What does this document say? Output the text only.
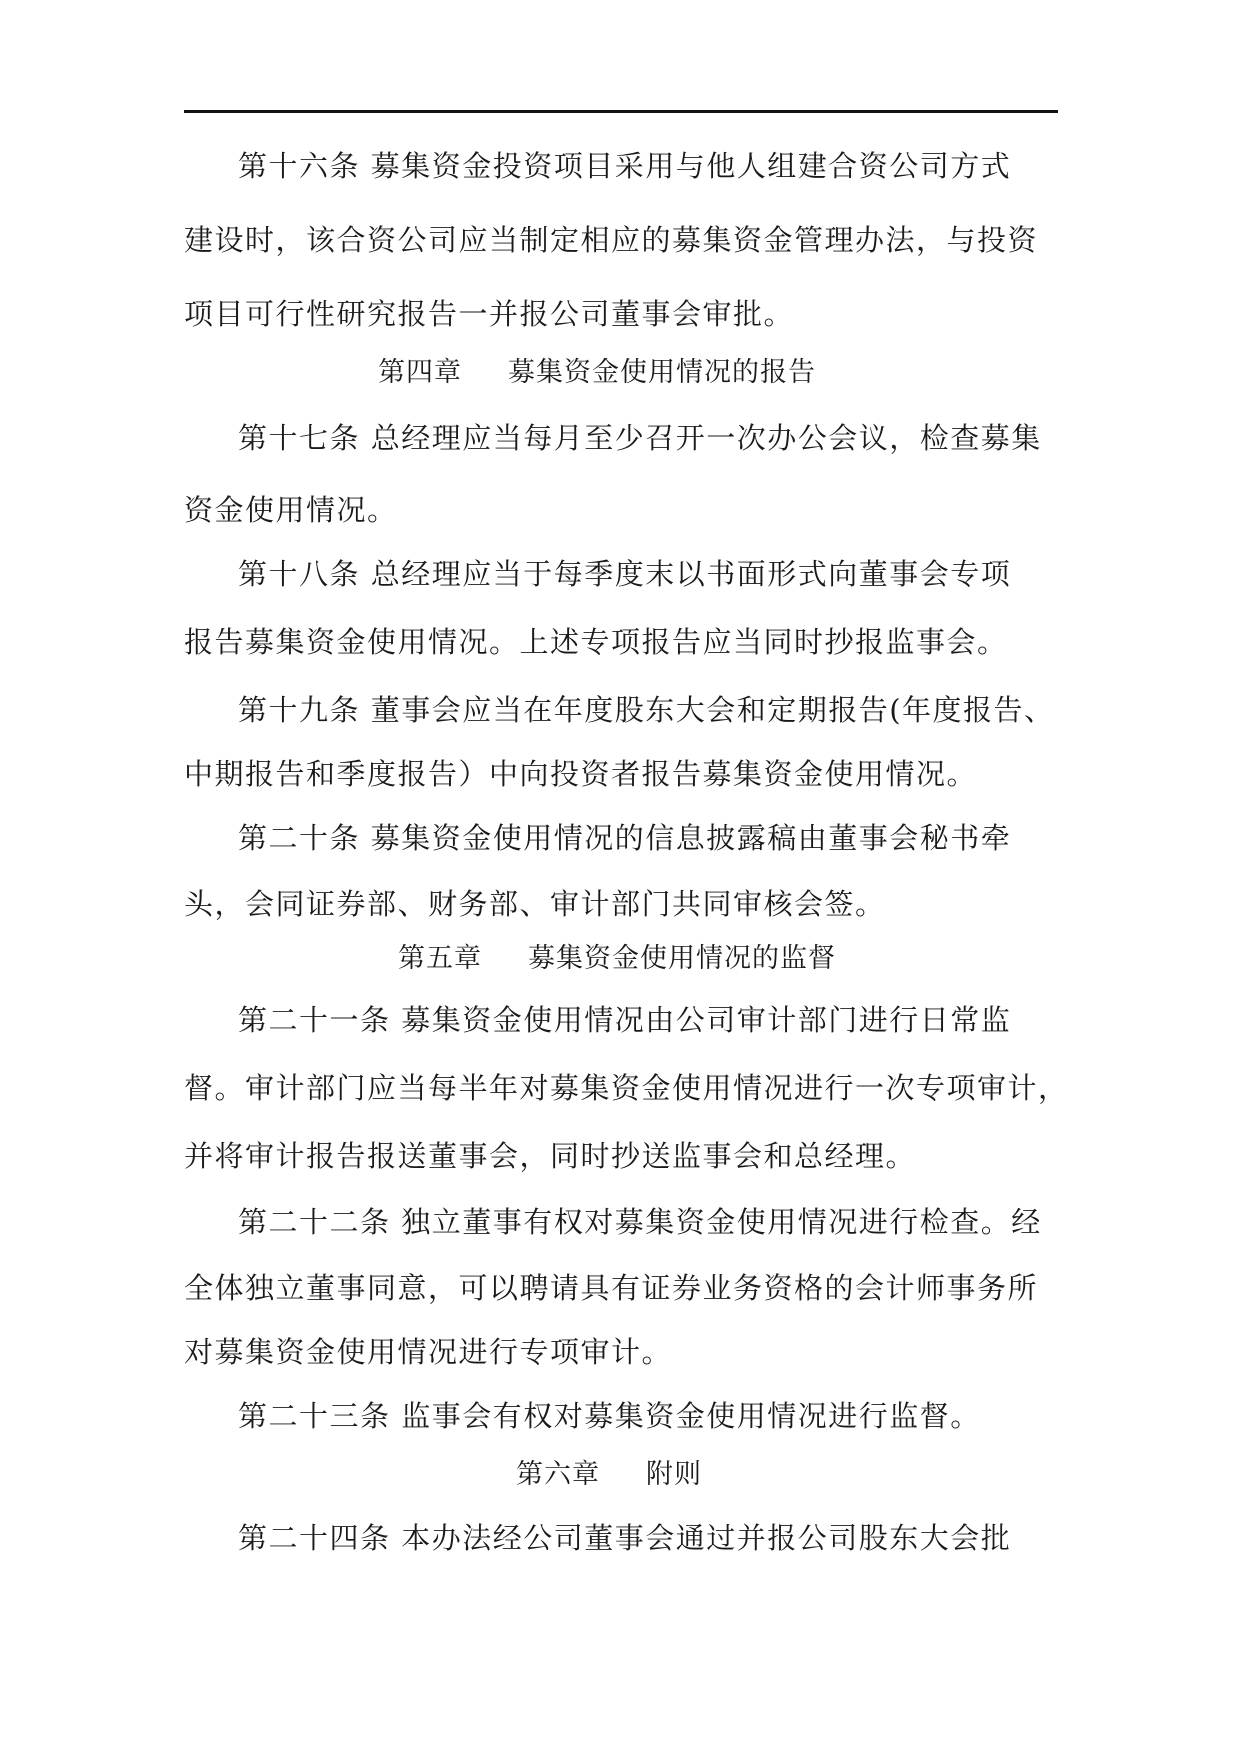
第十六条 募集资金投资项目采用与他人组建合资公司方式
建设时，该合资公司应当制定相应的募集资金管理办法，与投资
项目可行性研究报告一并报公司董事会审批。
第四章 募集资金使用情况的报告
第十七条 总经理应当每月至少召开一次办公会议，检查募集
资金使用情况。
第十八条 总经理应当于每季度末以书面形式向董事会专项
报告募集资金使用情况。上述专项报告应当同时抄报监事会。
第十九条 董事会应当在年度股东大会和定期报告(年度报告、
中期报告和季度报告）中向投资者报告募集资金使用情况。
第二十条 募集资金使用情况的信息披露稿由董事会秘书牵
头，会同证券部、财务部、审计部门共同审核会签。
第五章 募集资金使用情况的监督
第二十一条 募集资金使用情况由公司审计部门进行日常监
督。审计部门应当每半年对募集资金使用情况进行一次专项审计，
并将审计报告报送董事会，同时抄送监事会和总经理。
第二十二条 独立董事有权对募集资金使用情况进行检查。经
全体独立董事同意，可以聘请具有证券业务资格的会计师事务所
对募集资金使用情况进行专项审计。
第二十三条 监事会有权对募集资金使用情况进行监督。
第六章 附则
第二十四条 本办法经公司董事会通过并报公司股东大会批
